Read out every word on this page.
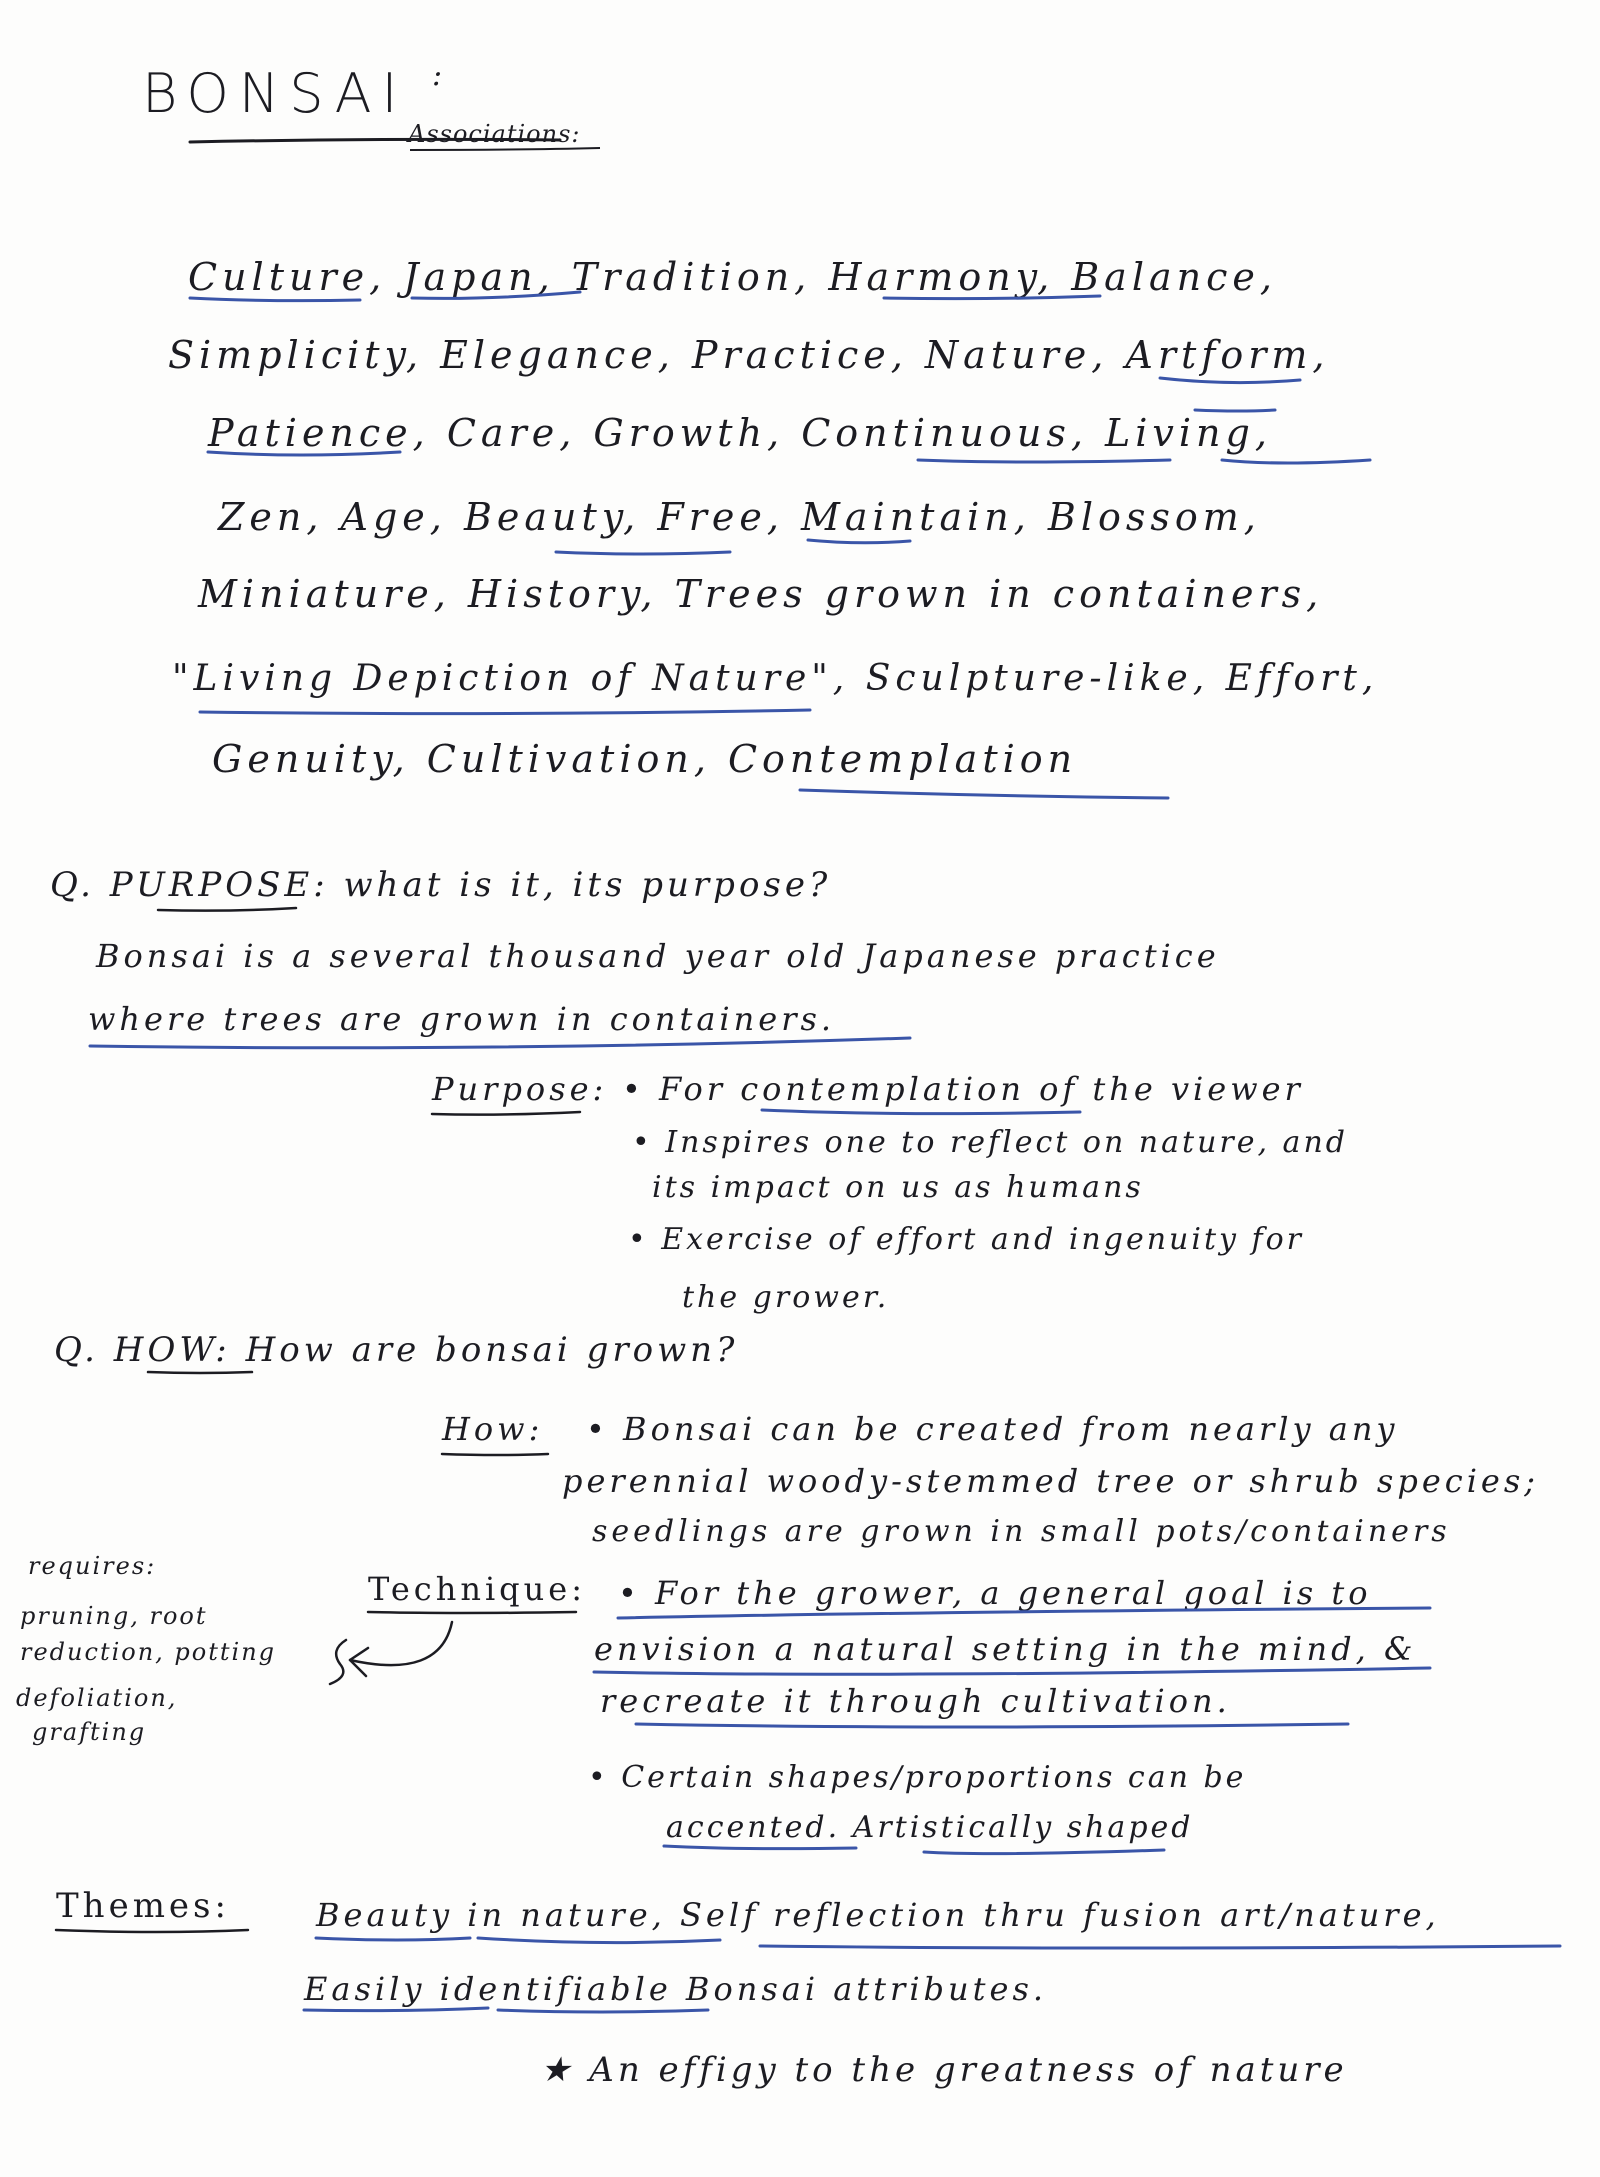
BONSAI :
Associations:
Culture, Japan, Tradition, Harmony, Balance,
Simplicity, Elegance, Practice, Nature, Artform,
Patience, Care, Growth, Continuous, Living,
Zen, Age, Beauty, Free, Maintain, Blossom,
Miniature, History, Trees grown in containers,
"Living Depiction of Nature", Sculpture-like, Effort,
Genuity, Cultivation, Contemplation
Q. PURPOSE: what is it, its purpose?
Bonsai is a several thousand year old Japanese practice
where trees are grown in containers.
Purpose: • For contemplation of the viewer
• Inspires one to reflect on nature, and
its impact on us as humans
• Exercise of effort and ingenuity for
the grower.
Q. HOW: How are bonsai grown?
How: • Bonsai can be created from nearly any
perennial woody-stemmed tree or shrub species;
seedlings are grown in small pots/containers
requires:
pruning, root
reduction, potting
defoliation,
grafting
Technique: • For the grower, a general goal is to
envision a natural setting in the mind, &
recreate it through cultivation.
• Certain shapes/proportions can be
accented. Artistically shaped
Themes:	Beauty in nature, Self reflection thru fusion art/nature,
Easily identifiable Bonsai attributes.
★ An effigy to the greatness of nature
